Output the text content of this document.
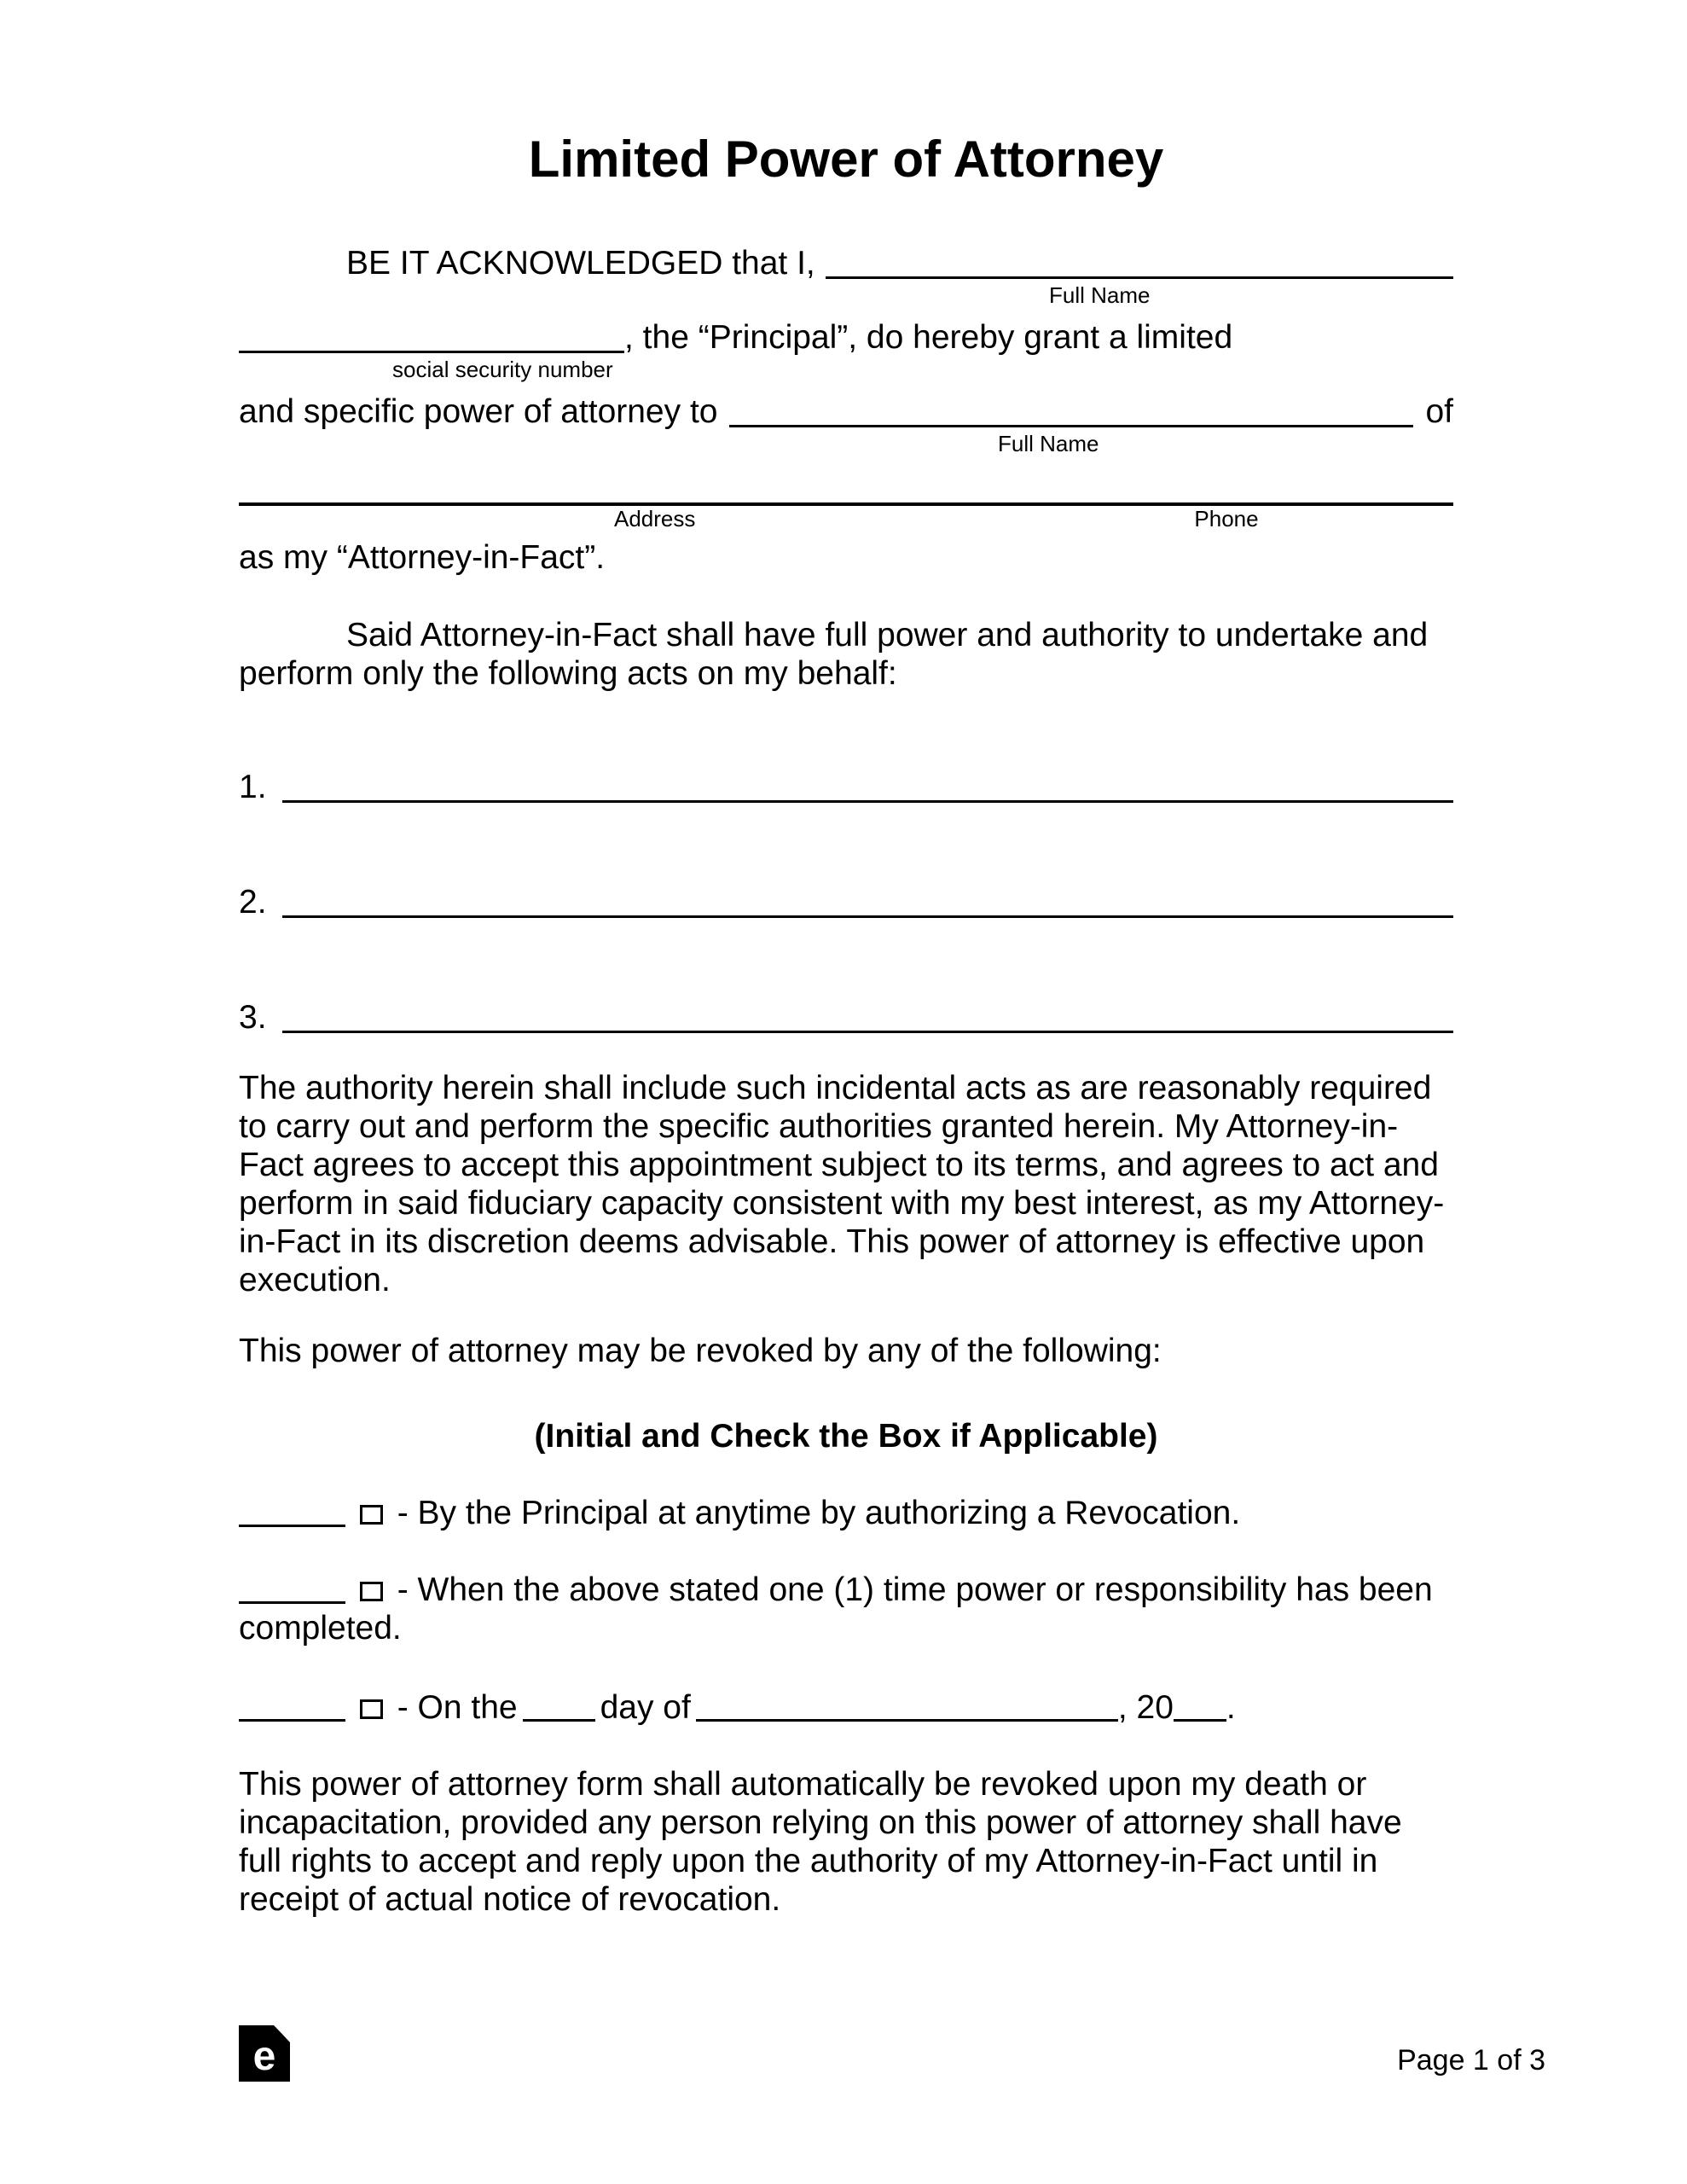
Limited Power of Attorney
BE IT ACKNOWLEDGED that I,
Full Name
, the “Principal”, do hereby grant a limited
social security number
and specific power of attorney to	of
Full Name
Address	Phone

as my “Attorney-in-Fact”.

Said Attorney-in-Fact shall have full power and authority to undertake and perform only the following acts on my behalf:

1.
2.
3.

The authority herein shall include such incidental acts as are reasonably required to carry out and perform the specific authorities granted herein. My Attorney-in-Fact agrees to accept this appointment subject to its terms, and agrees to act and perform in said fiduciary capacity consistent with my best interest, as my Attorney-in-Fact in its discretion deems advisable. This power of attorney is effective upon execution.

This power of attorney may be revoked by any of the following:

(Initial and Check the Box if Applicable)

- By the Principal at anytime by authorizing a Revocation.
- When the above stated one (1) time power or responsibility has been completed.
- On the day of	, 20 .

This power of attorney form shall automatically be revoked upon my death or incapacitation, provided any person relying on this power of attorney shall have full rights to accept and reply upon the authority of my Attorney-in-Fact until in receipt of actual notice of revocation.

e	Page 1 of 3
